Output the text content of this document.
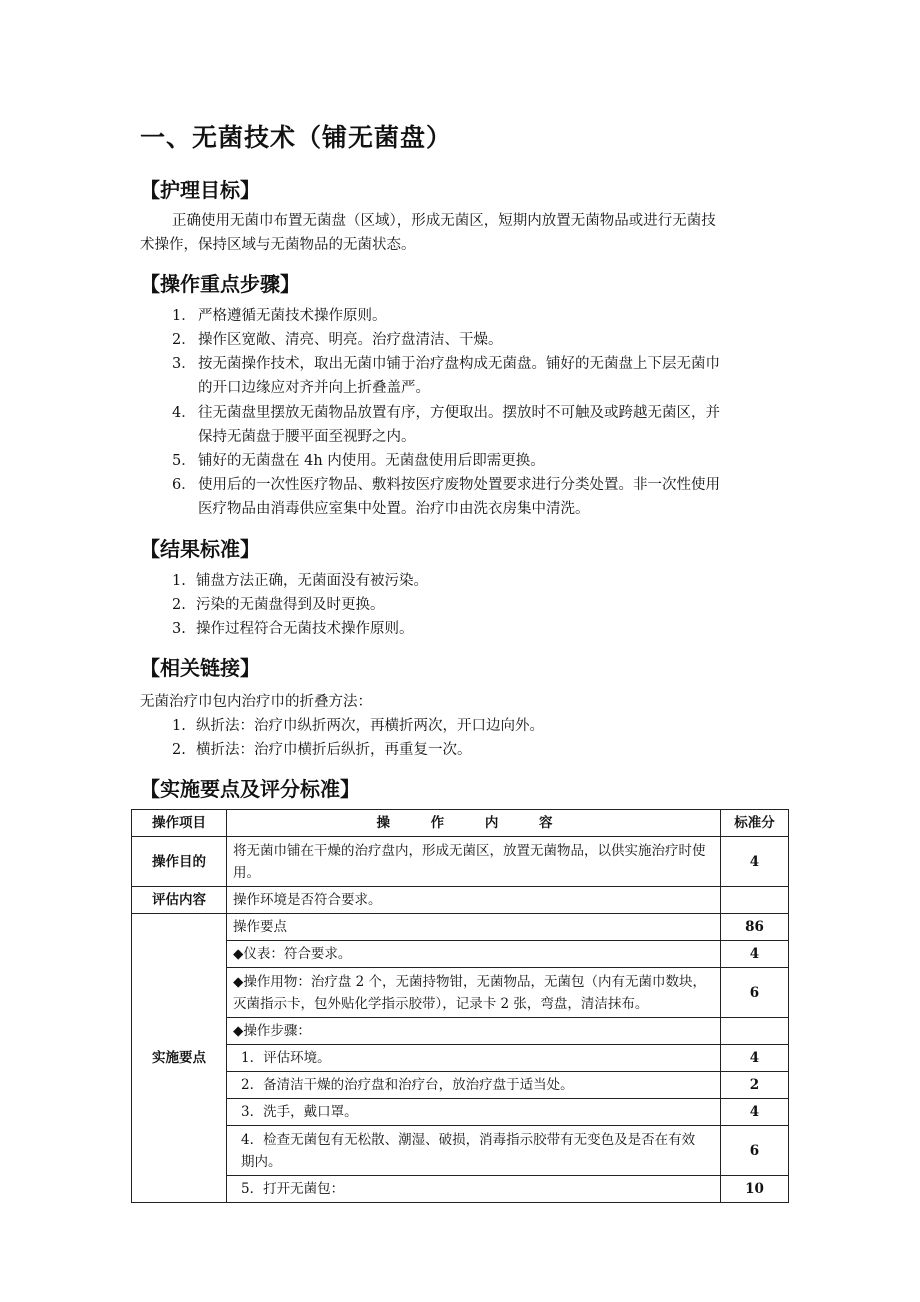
一、无菌技术（铺无菌盘）
【护理目标】
正确使用无菌巾布置无菌盘（区域），形成无菌区，短期内放置无菌物品或进行无菌技
术操作，保持区域与无菌物品的无菌状态。
【操作重点步骤】
1． 严格遵循无菌技术操作原则。
2． 操作区宽敞、清亮、明亮。治疗盘清洁、干燥。
3． 按无菌操作技术，取出无菌巾铺于治疗盘构成无菌盘。铺好的无菌盘上下层无菌巾
的开口边缘应对齐并向上折叠盖严。
4． 往无菌盘里摆放无菌物品放置有序，方便取出。摆放时不可触及或跨越无菌区，并
保持无菌盘于腰平面至视野之内。
5． 铺好的无菌盘在 4h 内使用。无菌盘使用后即需更换。
6． 使用后的一次性医疗物品、敷料按医疗废物处置要求进行分类处置。非一次性使用
医疗物品由消毒供应室集中处置。治疗巾由洗衣房集中清洗。
【结果标准】
1. 铺盘方法正确，无菌面没有被污染。
2. 污染的无菌盘得到及时更换。
3. 操作过程符合无菌技术操作原则。
【相关链接】
无菌治疗巾包内治疗巾的折叠方法：
1. 纵折法：治疗巾纵折两次，再横折两次，开口边向外。
2. 横折法：治疗巾横折后纵折，再重复一次。
【实施要点及评分标准】
操作项目	操 作 内 容	标准分
操作目的	将无菌巾铺在干燥的治疗盘内，形成无菌区，放置无菌物品，以供实施治疗时使
用。	4
评估内容	操作环境是否符合要求。	
实施要点	操作要点	86
	◆仪表：符合要求。	4

	◆操作用物：治疗盘 2 个，无菌持物钳，无菌物品，无菌包（内有无菌巾数块，
灭菌指示卡，包外贴化学指示胶带），记录卡 2 张，弯盘，清洁抹布。	6
	◆操作步骤：	
	1．评估环境。	4
	2．备清洁干燥的治疗盘和治疗台，放治疗盘于适当处。	2
	3．洗手，戴口罩。	4

	4．检查无菌包有无松散、潮湿、破损，消毒指示胶带有无变色及是否在有效
期内。	6
	5．打开无菌包：	10
